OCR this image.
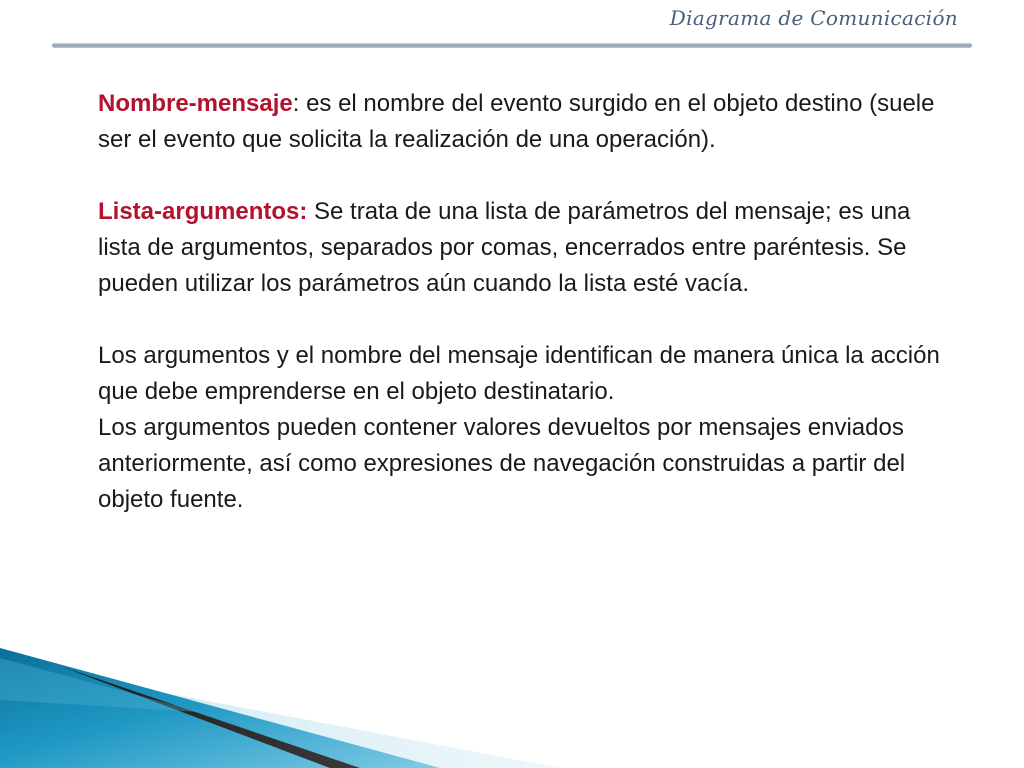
Diagrama de Comunicación

Nombre-mensaje: es el nombre del evento surgido en el objeto destino (suele ser el evento que solicita la realización de una operación).

Lista-argumentos: Se trata de una lista de parámetros del mensaje; es una lista de argumentos, separados por comas, encerrados entre paréntesis. Se pueden utilizar los parámetros aún cuando la lista esté vacía.

Los argumentos y el nombre del mensaje identifican de manera única la acción que debe emprenderse en el objeto destinatario.

Los argumentos pueden contener valores devueltos por mensajes enviados anteriormente, así como expresiones de navegación construidas a partir del objeto fuente.
